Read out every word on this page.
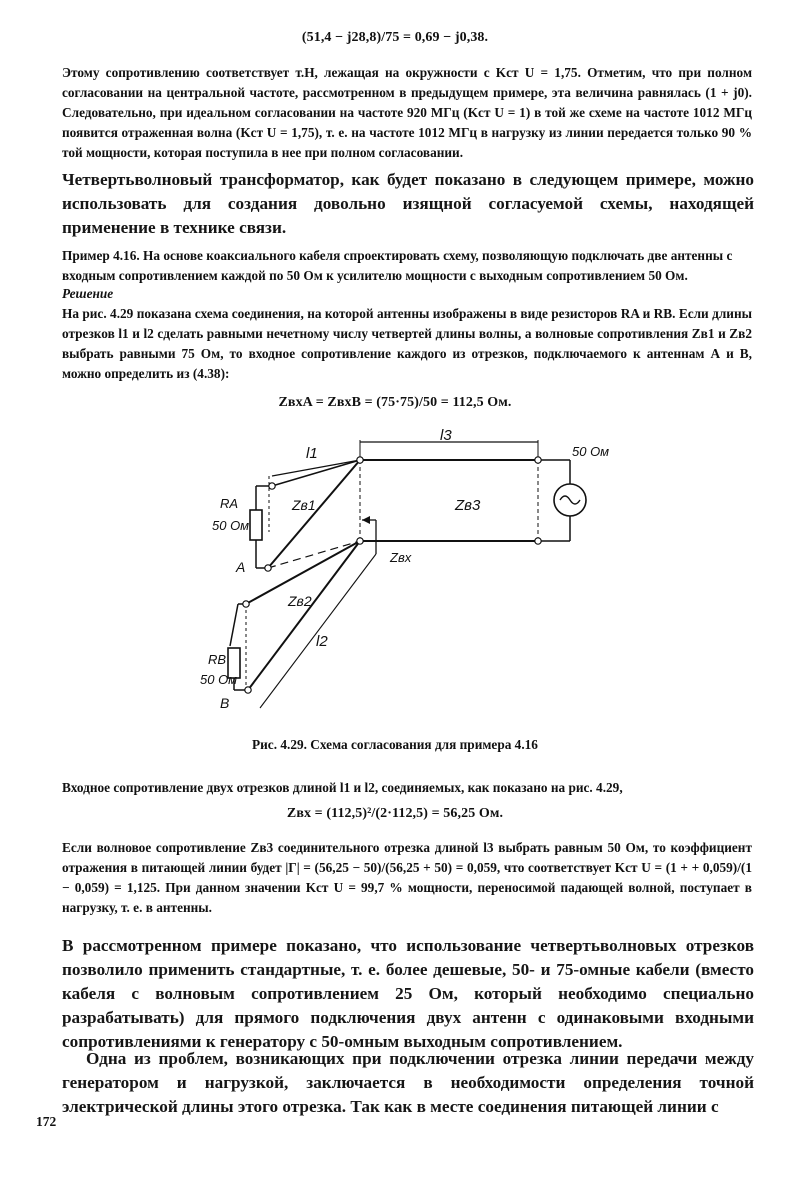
(51,4 − j28,8)/75 = 0,69 − j0,38.
Этому сопротивлению соответствует т.Н, лежащая на окружности с Kст U = 1,75. Отметим, что при полном согласовании на центральной частоте, рассмотренном в предыдущем примере, эта величина равнялась (1 + j0). Следовательно, при идеальном согласовании на частоте 920 МГц (Kст U = 1) в той же схеме на частоте 1012 МГц появится отраженная волна (Kст U = 1,75), т. е. на частоте 1012 МГц в нагрузку из линии передается только 90 % той мощности, которая поступила в нее при полном согласовании.
Четвертьволновый трансформатор, как будет показано в следующем примере, можно использовать для создания довольно изящной согласуемой схемы, находящей применение в технике связи.
Пример 4.16. На основе коаксиального кабеля спроектировать схему, позволяющую подключать две антенны с входным сопротивлением каждой по 50 Ом к усилителю мощности с выходным сопротивлением 50 Ом.
Решение
На рис. 4.29 показана схема соединения, на которой антенны изображены в виде резисторов RA и RB. Если длины отрезков l1 и l2 сделать равными нечетному числу четвертей длины волны, а волновые сопротивления Zв1 и Zв2 выбрать равными 75 Ом, то входное сопротивление каждого из отрезков, подключаемого к антеннам А и В, можно определить из (4.38):
ZвхA = ZвхB = (75·75)/50 = 112,5 Ом.
l1
l3
Zв3
Zв1
Zв2
l2
Zвх
RA
50 Ом
RB
50 Ом
50 Ом
A
B
Рис. 4.29. Схема согласования для примера 4.16
Входное сопротивление двух отрезков длиной l1 и l2, соединяемых, как показано на рис. 4.29,
Zвх = (112,5)²/(2·112,5) = 56,25 Ом.
Если волновое сопротивление Zв3 соединительного отрезка длиной l3 выбрать равным 50 Ом, то коэффициент отражения в питающей линии будет |Г| = (56,25 − 50)/(56,25 + 50) = 0,059, что соответствует Kст U = (1 + + 0,059)/(1 − 0,059) = 1,125. При данном значении Kст U = 99,7 % мощности, переносимой падающей волной, поступает в нагрузку, т. е. в антенны.
В рассмотренном примере показано, что использование четвертьволновых отрезков позволило применить стандартные, т. е. более дешевые, 50- и 75-омные кабели (вместо кабеля с волновым сопротивлением 25 Ом, который необходимо специально разрабатывать) для прямого подключения двух антенн с одинаковыми входными сопротивлениями к генератору с 50-омным выходным сопротивлением.
Одна из проблем, возникающих при подключении отрезка линии передачи между генератором и нагрузкой, заключается в необходимости определения точной электрической длины этого отрезка. Так как в месте соединения питающей линии с
172
